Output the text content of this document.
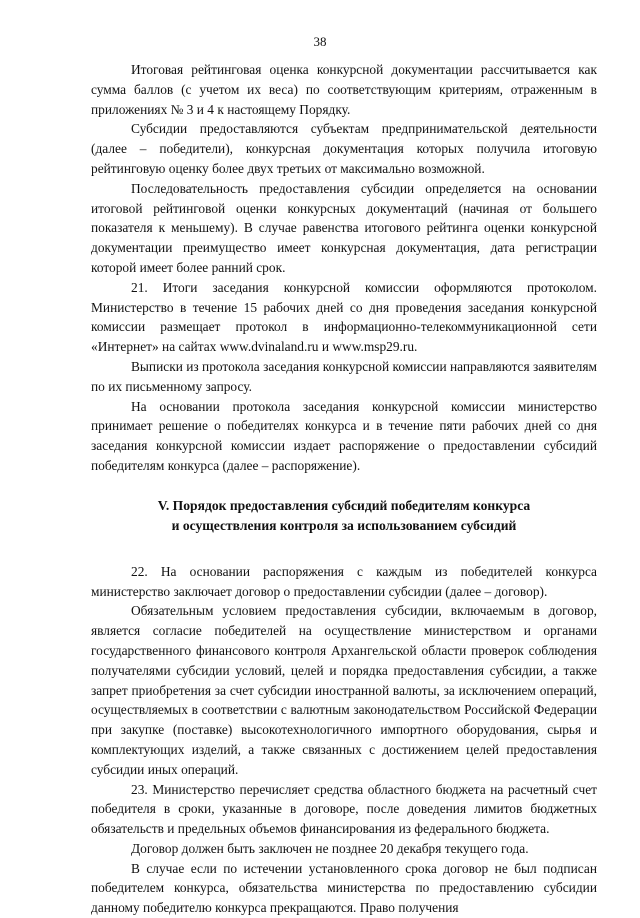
38

Итоговая рейтинговая оценка конкурсной документации рассчитывается как сумма баллов (с учетом их веса) по соответствующим критериям, отраженным в приложениях № 3 и 4 к настоящему Порядку.

Субсидии предоставляются субъектам предпринимательской деятельности (далее – победители), конкурсная документация которых получила итоговую рейтинговую оценку более двух третьих от максимально возможной.

Последовательность предоставления субсидии определяется на основании итоговой рейтинговой оценки конкурсных документаций (начиная от большего показателя к меньшему). В случае равенства итогового рейтинга оценки конкурсной документации преимущество имеет конкурсная документация, дата регистрации которой имеет более ранний срок.

21. Итоги заседания конкурсной комиссии оформляются протоколом. Министерство в течение 15 рабочих дней со дня проведения заседания конкурсной комиссии размещает протокол в информационно-телекоммуникационной сети «Интернет» на сайтах www.dvinaland.ru и www.msp29.ru.

Выписки из протокола заседания конкурсной комиссии направляются заявителям по их письменному запросу.

На основании протокола заседания конкурсной комиссии министерство принимает решение о победителях конкурса и в течение пяти рабочих дней со дня заседания конкурсной комиссии издает распоряжение о предоставлении субсидий победителям конкурса (далее – распоряжение).

V. Порядок предоставления субсидий победителям конкурса
и осуществления контроля за использованием субсидий

22. На основании распоряжения с каждым из победителей конкурса министерство заключает договор о предоставлении субсидии (далее – договор).

Обязательным условием предоставления субсидии, включаемым в договор, является согласие победителей на осуществление министерством и органами государственного финансового контроля Архангельской области проверок соблюдения получателями субсидии условий, целей и порядка предоставления субсидии, а также запрет приобретения за счет субсидии иностранной валюты, за исключением операций, осуществляемых в соответствии с валютным законодательством Российской Федерации при закупке (поставке) высокотехнологичного импортного оборудования, сырья и комплектующих изделий, а также связанных с достижением целей предоставления субсидии иных операций.

23. Министерство перечисляет средства областного бюджета на расчетный счет победителя в сроки, указанные в договоре, после доведения лимитов бюджетных обязательств и предельных объемов финансирования из федерального бюджета.

Договор должен быть заключен не позднее 20 декабря текущего года.

В случае если по истечении установленного срока договор не был подписан победителем конкурса, обязательства министерства по предоставлению субсидии данному победителю конкурса прекращаются. Право получения
